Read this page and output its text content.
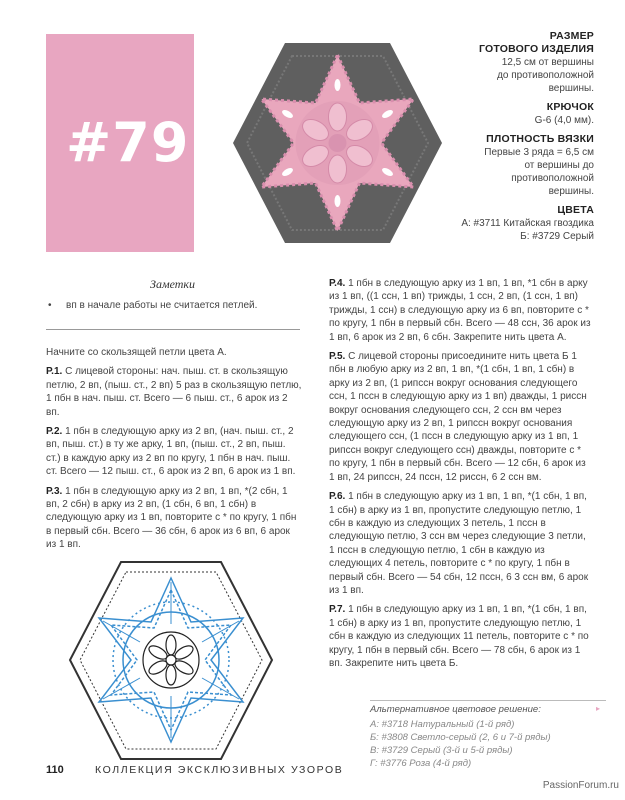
#79
РАЗМЕР
ГОТОВОГО ИЗДЕЛИЯ
12,5 см от вершины
до противоположной
вершины.
КРЮЧОК
G-6 (4,0 мм).
ПЛОТНОСТЬ ВЯЗКИ
Первые 3 ряда = 6,5 см
от вершины до
противоположной
вершины.
ЦВЕТА
А: #3711 Китайская гвоздика
Б: #3729 Серый
Заметки
• вп в начале работы не считается петлей.

Начните со скользящей петли цвета А.

Р.1. С лицевой стороны: нач. пыш. ст. в скользящую петлю, 2 вп, (пыш. ст., 2 вп) 5 раз в скользящую петлю, 1 пбн в нач. пыш. ст. Всего — 6 пыш. ст., 6 арок из 2 вп.

Р.2. 1 пбн в следующую арку из 2 вп, (нач. пыш. ст., 2 вп, пыш. ст.) в ту же арку, 1 вп, (пыш. ст., 2 вп, пыш. ст.) в каждую арку из 2 вп по кругу, 1 пбн в нач. пыш. ст. Всего — 12 пыш. ст., 6 арок из 2 вп, 6 арок из 1 вп.

Р.3. 1 пбн в следующую арку из 2 вп, 1 вп, *(2 сбн, 1 вп, 2 сбн) в арку из 2 вп, (1 сбн, 6 вп, 1 сбн) в следующую арку из 1 вп, повторите с * по кругу, 1 пбн в первый сбн. Всего — 36 сбн, 6 арок из 6 вп, 6 арок из 1 вп.

Р.4. 1 пбн в следующую арку из 1 вп, 1 вп, *1 сбн в арку из 1 вп, ((1 ссн, 1 вп) трижды, 1 ссн, 2 вп, (1 ссн, 1 вп) трижды, 1 ссн) в следующую арку из 6 вп, повторите с * по кругу, 1 пбн в первый сбн. Всего — 48 ссн, 36 арок из 1 вп, 6 арок из 2 вп, 6 сбн. Закрепите нить цвета А.

Р.5. С лицевой стороны присоедините нить цвета Б 1 пбн в любую арку из 2 вп, 1 вп, *(1 сбн, 1 вп, 1 сбн) в арку из 2 вп, (1 рипссн вокруг основания следующего ссн, 1 пссн в следующую арку из 1 вп) дважды, 1 риссн вокруг основания следующего ссн, 2 ссн вм через следующую арку из 2 вп, 1 рипссн вокруг основания следующего ссн, (1 пссн в следующую арку из 1 вп, 1 рипссн вокруг следующего ссн) дважды, повторите с * по кругу, 1 пбн в первый сбн. Всего — 12 сбн, 6 арок из 1 вп, 24 рипссн, 24 пссн, 12 риссн, 6 2 ссн вм.

Р.6. 1 пбн в следующую арку из 1 вп, 1 вп, *(1 сбн, 1 вп, 1 сбн) в арку из 1 вп, пропустите следующую петлю, 1 сбн в каждую из следующих 3 петель, 1 пссн в следующую петлю, 3 ссн вм через следующие 3 петли, 1 пссн в следующую петлю, 1 сбн в каждую из следующих 4 петель, повторите с * по кругу, 1 пбн в первый сбн. Всего — 54 сбн, 12 пссн, 6 3 ссн вм, 6 арок из 1 вп.

Р.7. 1 пбн в следующую арку из 1 вп, 1 вп, *(1 сбн, 1 вп, 1 сбн) в арку из 1 вп, пропустите следующую петлю, 1 сбн в каждую из следующих 11 петель, повторите с * по кругу, 1 пбн в первый сбн. Всего — 78 сбн, 6 арок из 1 вп. Закрепите нить цвета Б.

▸
Альтернативное цветовое решение:
А: #3718 Натуральный (1-й ряд)
Б: #3808 Светло-серый (2, 6 и 7-й ряды)
В: #3729 Серый (3-й и 5-й ряды)
Г: #3776 Роза (4-й ряд)
110	КОЛЛЕКЦИЯ ЭКСКЛЮЗИВНЫХ УЗОРОВ
PassionForum.ru
